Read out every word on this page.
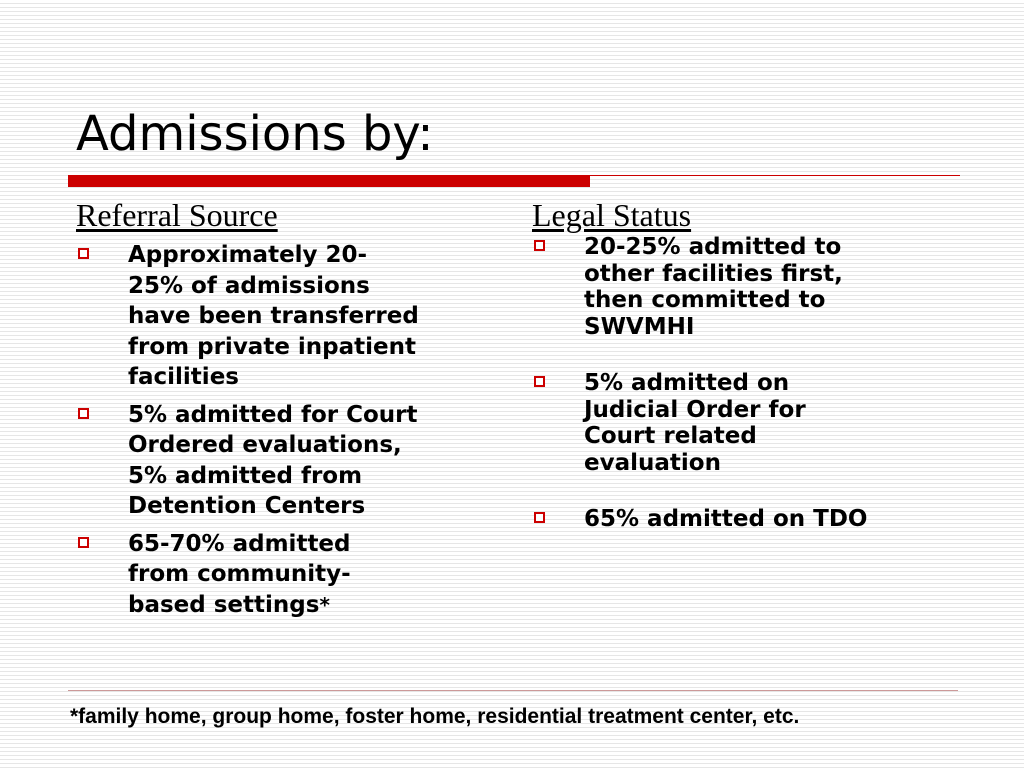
Admissions by:
Referral Source
Approximately 20-
25% of admissions
have been transferred
from private inpatient
facilities
5% admitted for Court
Ordered evaluations,
5% admitted from
Detention Centers
65-70% admitted
from community-
based settings*
Legal Status
20-25% admitted to
other facilities first,
then committed to
SWVMHI
5% admitted on
Judicial Order for
Court related
evaluation
65% admitted on TDO
*family home, group home, foster home, residential treatment center, etc.
